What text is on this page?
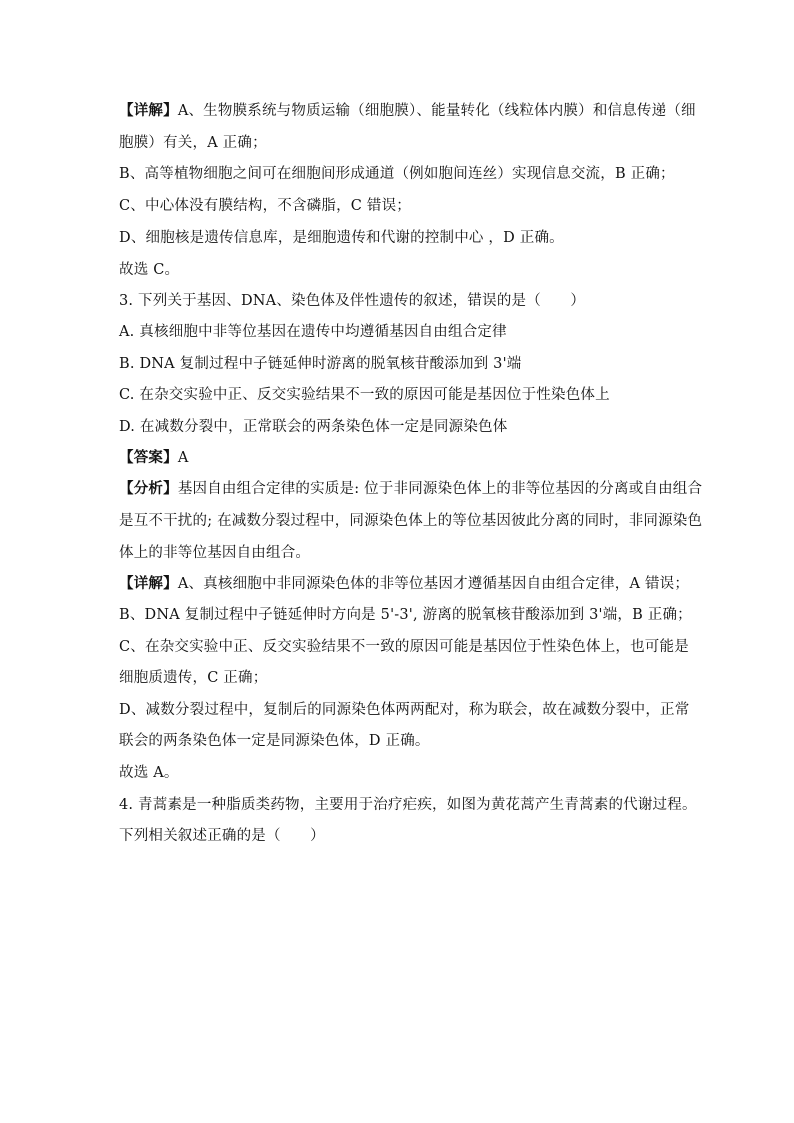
【详解】A、生物膜系统与物质运输（细胞膜）、能量转化（线粒体内膜）和信息传递（细
胞膜）有关，A 正确；
B、高等植物细胞之间可在细胞间形成通道（例如胞间连丝）实现信息交流，B 正确；
C、中心体没有膜结构，不含磷脂，C 错误；
D、细胞核是遗传信息库，是细胞遗传和代谢的控制中心 ，D 正确。
故选 C。
3. 下列关于基因、DNA、染色体及伴性遗传的叙述，错误的是（　　）
A. 真核细胞中非等位基因在遗传中均遵循基因自由组合定律
B. DNA 复制过程中子链延伸时游离的脱氧核苷酸添加到 3'端
C. 在杂交实验中正、反交实验结果不一致的原因可能是基因位于性染色体上
D. 在减数分裂中，正常联会的两条染色体一定是同源染色体
【答案】A
【分析】基因自由组合定律的实质是: 位于非同源染色体上的非等位基因的分离或自由组合
是互不干扰的; 在减数分裂过程中，同源染色体上的等位基因彼此分离的同时，非同源染色
体上的非等位基因自由组合。
【详解】A、真核细胞中非同源染色体的非等位基因才遵循基因自由组合定律，A 错误；
B、DNA 复制过程中子链延伸时方向是 5'-3', 游离的脱氧核苷酸添加到 3'端，B 正确；
C、在杂交实验中正、反交实验结果不一致的原因可能是基因位于性染色体上，也可能是
细胞质遗传，C 正确；
D、减数分裂过程中，复制后的同源染色体两两配对，称为联会，故在减数分裂中，正常
联会的两条染色体一定是同源染色体，D 正确。
故选 A。
4. 青蒿素是一种脂质类药物，主要用于治疗疟疾，如图为黄花蒿产生青蒿素的代谢过程。
下列相关叙述正确的是（　　）
